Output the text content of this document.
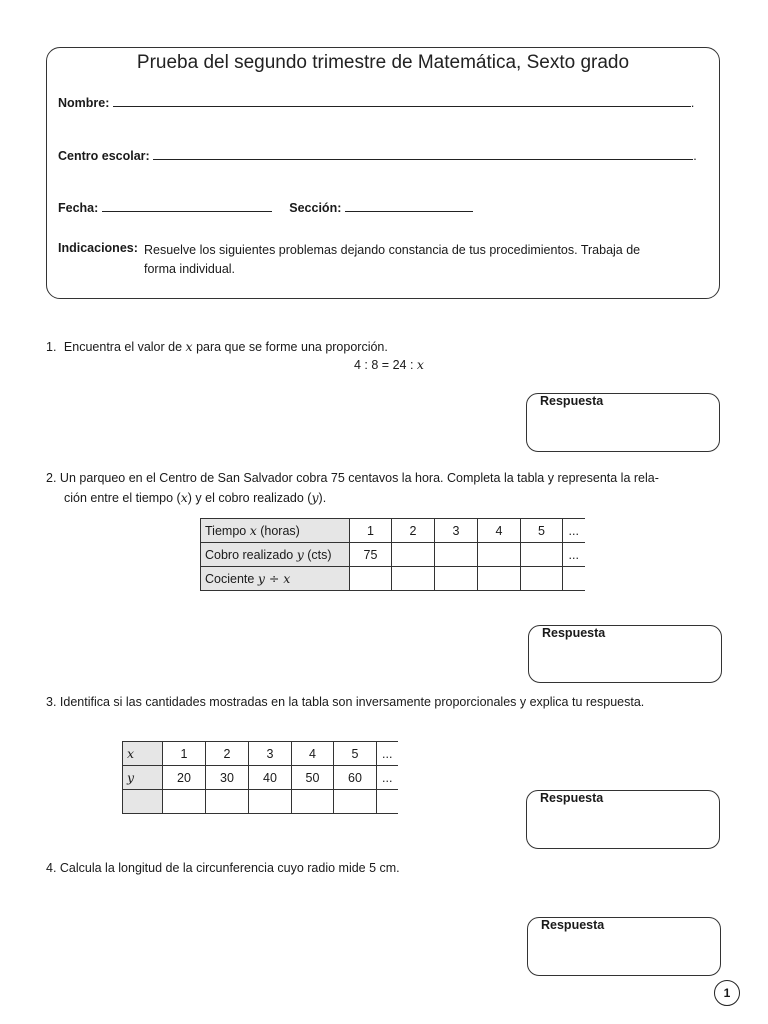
Prueba del segundo trimestre de Matemática, Sexto grado
Nombre:	.
Centro escolar:	.
Fecha:	Sección:
Indicaciones: Resuelve los siguientes problemas dejando constancia de tus procedimientos. Trabaja de
forma individual.
1. Encuentra el valor de x para que se forme una proporción.
4 : 8 = 24 : x
Respuesta
2. Un parqueo en el Centro de San Salvador cobra 75 centavos la hora. Completa la tabla y representa la rela-
ción entre el tiempo (x) y el cobro realizado (y).
Tiempo x (horas)	1	2	3	4	5	...
Cobro realizado y (cts)	75					...
Cociente y ÷ x						
Respuesta
3. Identifica si las cantidades mostradas en la tabla son inversamente proporcionales y explica tu respuesta.
x	1	2	3	4	5	...
y	20	30	40	50	60	...

Respuesta
4. Calcula la longitud de la circunferencia cuyo radio mide 5 cm.
Respuesta
1
